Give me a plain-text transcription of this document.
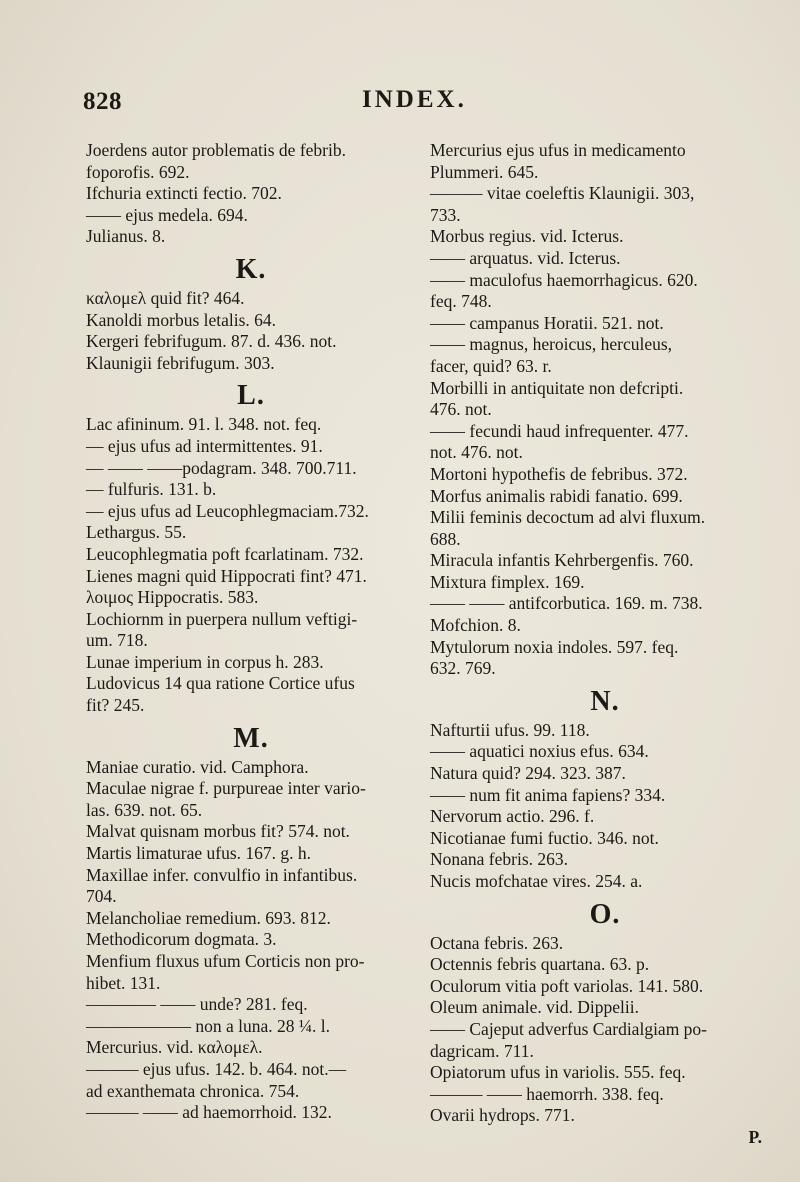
828	INDEX.
Joerdens autor problematis de febrib.
foporofis. 692.
Ifchuria extincti fectio. 702.
—— ejus medela. 694.
Julianus. 8.
K.
καλομελ quid fit? 464.
Kanoldi morbus letalis. 64.
Kergeri febrifugum. 87. d. 436. not.
Klaunigii febrifugum. 303.
L.
Lac afininum. 91. l. 348. not. feq.
— ejus ufus ad intermittentes. 91.
— —— ——podagram. 348. 700.711.
— fulfuris. 131. b.
— ejus ufus ad Leucophlegmaciam.732.
Lethargus. 55.
Leucophlegmatia poft fcarlatinam. 732.
Lienes magni quid Hippocrati fint? 471.
λοιμος Hippocratis. 583.
Lochiornm in puerpera nullum veftigi-
um. 718.
Lunae imperium in corpus h. 283.
Ludovicus 14 qua ratione Cortice ufus
fit? 245.
M.
Maniae curatio. vid. Camphora.
Maculae nigrae f. purpureae inter vario-
las. 639. not. 65.
Malvat quisnam morbus fit? 574. not.
Martis limaturae ufus. 167. g. h.
Maxillae infer. convulfio in infantibus.
704.
Melancholiae remedium. 693. 812.
Methodicorum dogmata. 3.
Menfium fluxus ufum Corticis non pro-
hibet. 131.
———— —— unde? 281. feq.
—————— non a luna. 28 ¼. l.
Mercurius. vid. καλομελ.
——— ejus ufus. 142. b. 464. not.—
ad exanthemata chronica. 754.
——— —— ad haemorrhoid. 132.
Mercurius ejus ufus in medicamento
Plummeri. 645.
——— vitae coeleftis Klaunigii. 303,
733.
Morbus regius. vid. Icterus.
—— arquatus. vid. Icterus.
—— maculofus haemorrhagicus. 620.
feq. 748.
—— campanus Horatii. 521. not.
—— magnus, heroicus, herculeus,
facer, quid? 63. r.
Morbilli in antiquitate non defcripti.
476. not.
—— fecundi haud infrequenter. 477.
not. 476. not.
Mortoni hypothefis de febribus. 372.
Morfus animalis rabidi fanatio. 699.
Milii feminis decoctum ad alvi fluxum.
688.
Miracula infantis Kehrbergenfis. 760.
Mixtura fimplex. 169.
—— —— antifcorbutica. 169. m. 738.
Mofchion. 8.
Mytulorum noxia indoles. 597. feq.
632. 769.
N.
Nafturtii ufus. 99. 118.
—— aquatici noxius efus. 634.
Natura quid? 294. 323. 387.
—— num fit anima fapiens? 334.
Nervorum actio. 296. f.
Nicotianae fumi fuctio. 346. not.
Nonana febris. 263.
Nucis mofchatae vires. 254. a.
O.
Octana febris. 263.
Octennis febris quartana. 63. p.
Oculorum vitia poft variolas. 141. 580.
Oleum animale. vid. Dippelii.
—— Cajeput adverfus Cardialgiam po-
dagricam. 711.
Opiatorum ufus in variolis. 555. feq.
——— —— haemorrh. 338. feq.
Ovarii hydrops. 771.
P.
